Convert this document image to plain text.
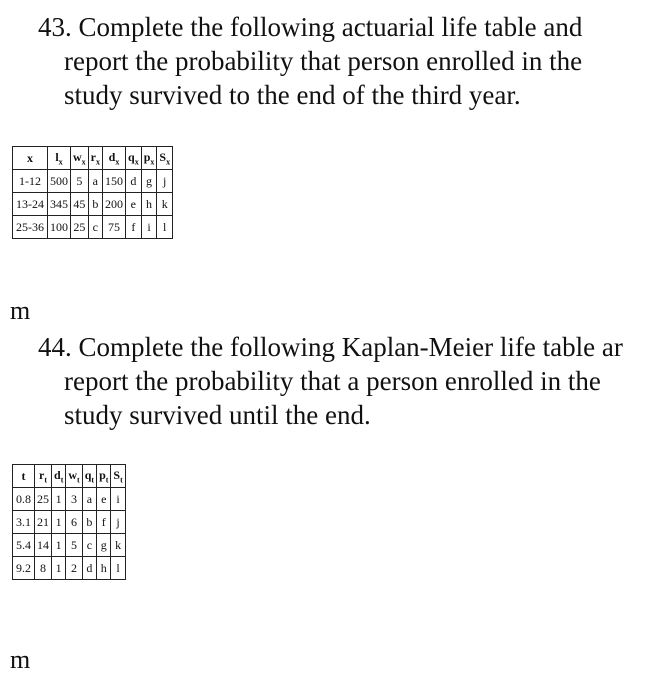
43. Complete the following actuarial life table and
report the probability that person enrolled in the
study survived to the end of the third year.
x	$l_x$	$w_x$	$r_x$	$d_x$	$q_x$	$p_x$	$S_x$
1-12	500	5	a	150	d	g	j
13-24	345	45	b	200	e	h	k
25-36	100	25	c	75	f	i	l
m
44. Complete the following Kaplan-Meier life table ar
report the probability that a person enrolled in the
study survived until the end.
t	$r_t$	$d_t$	$w_t$	$q_t$	$p_t$	$S_t$
0.8	25	1	3	a	e	i
3.1	21	1	6	b	f	j
5.4	14	1	5	c	g	k
9.2	8	1	2	d	h	l
m
